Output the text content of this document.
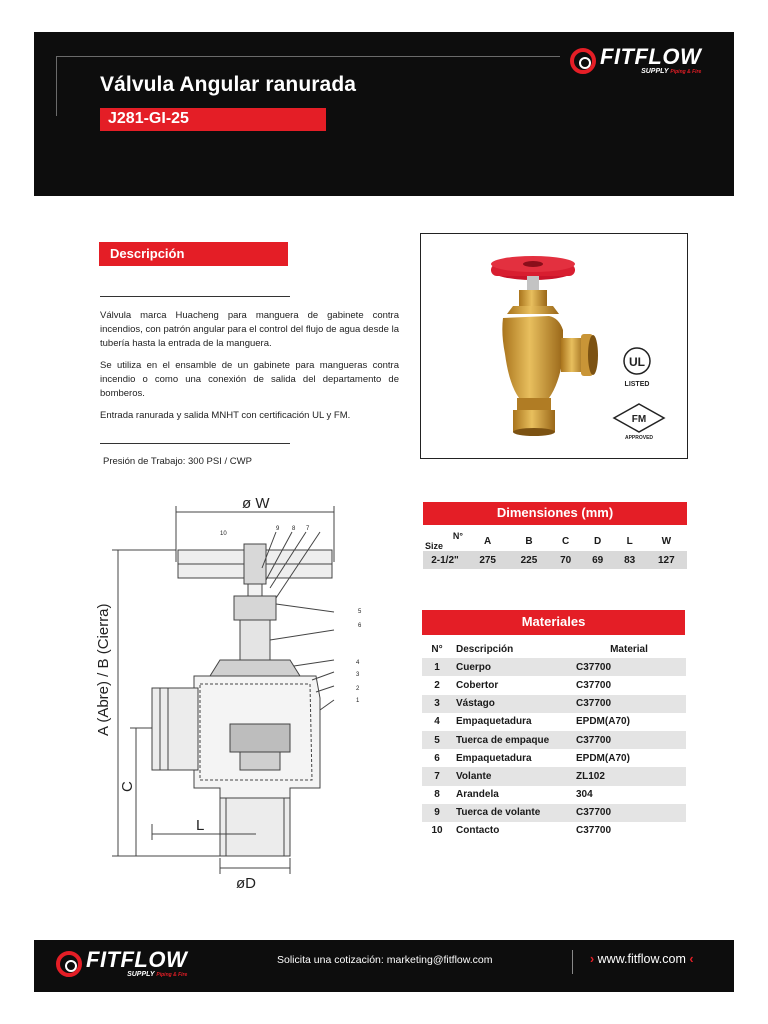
Válvula Angular ranurada
J281-GI-25
FITFLOW
SUPPLY Piping & Fire
Descripción

Válvula marca Huacheng para manguera de gabinete contra incendios, con patrón angular para el control del flujo de agua desde la tubería hasta la entrada de la manguera.

Se utiliza en el ensamble de un gabinete para mangueras contra incendio o como una conexión de salida del departamento de bomberos.

Entrada ranurada y salida MNHT con certificación UL y FM.

Presión de Trabajo: 300 PSI / CWP
UL
LISTED
FM
APPROVED
ø W
øD
L
C
A (Abre) / B (Cierra)
10
9 8 7
6
5
4
3
2
1
Dimensiones (mm)
N°
Size	A	B	C	D	L	W
2-1/2"	275	225	70	69	83	127
Materiales
N°	Descripción	Material
1	Cuerpo	C37700
2	Cobertor	C37700
3	Vástago	C37700
4	Empaquetadura	EPDM(A70)
5	Tuerca de empaque	C37700
6	Empaquetadura	EPDM(A70)
7	Volante	ZL102
8	Arandela	304
9	Tuerca de volante	C37700
10	Contacto	C37700
FITFLOW
SUPPLY Piping & Fire
Solicita una cotización: marketing@fitflow.com	› www.fitflow.com ‹
